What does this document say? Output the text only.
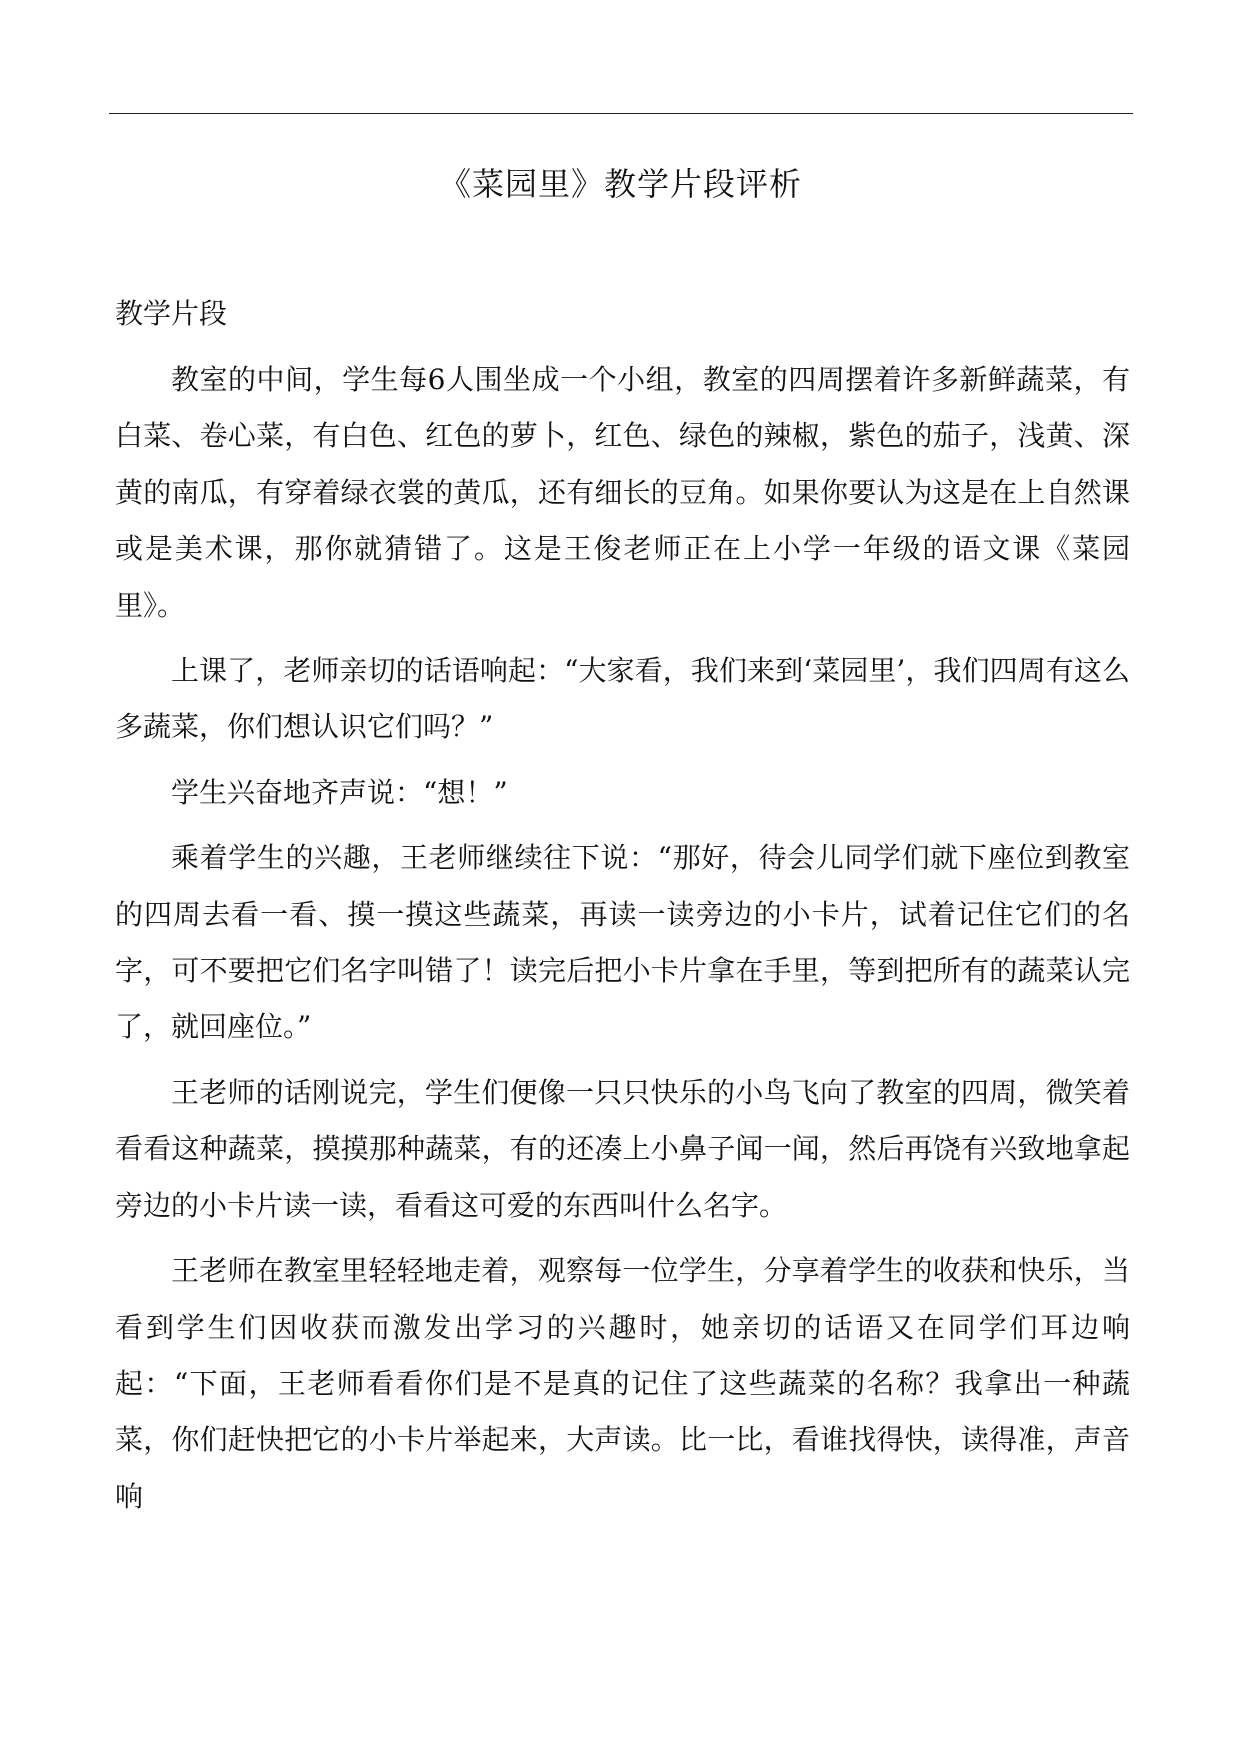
《菜园里》教学片段评析
教学片段

教室的中间，学生每6人围坐成一个小组，教室的四周摆着许多新鲜蔬菜，有白菜、卷心菜，有白色、红色的萝卜，红色、绿色的辣椒，紫色的茄子，浅黄、深黄的南瓜，有穿着绿衣裳的黄瓜，还有细长的豆角。如果你要认为这是在上自然课或是美术课，那你就猜错了。这是王俊老师正在上小学一年级的语文课《菜园里》。

上课了，老师亲切的话语响起：“大家看，我们来到‘菜园里’，我们四周有这么多蔬菜，你们想认识它们吗？”

学生兴奋地齐声说：“想！”

乘着学生的兴趣，王老师继续往下说：“那好，待会儿同学们就下座位到教室的四周去看一看、摸一摸这些蔬菜，再读一读旁边的小卡片，试着记住它们的名字，可不要把它们名字叫错了！读完后把小卡片拿在手里，等到把所有的蔬菜认完了，就回座位。”

王老师的话刚说完，学生们便像一只只快乐的小鸟飞向了教室的四周，微笑着看看这种蔬菜，摸摸那种蔬菜，有的还凑上小鼻子闻一闻，然后再饶有兴致地拿起旁边的小卡片读一读，看看这可爱的东西叫什么名字。

王老师在教室里轻轻地走着，观察每一位学生，分享着学生的收获和快乐，当看到学生们因收获而激发出学习的兴趣时，她亲切的话语又在同学们耳边响起：“下面，王老师看看你们是不是真的记住了这些蔬菜的名称？我拿出一种蔬菜，你们赶快把它的小卡片举起来，大声读。比一比，看谁找得快，读得准，声音响
